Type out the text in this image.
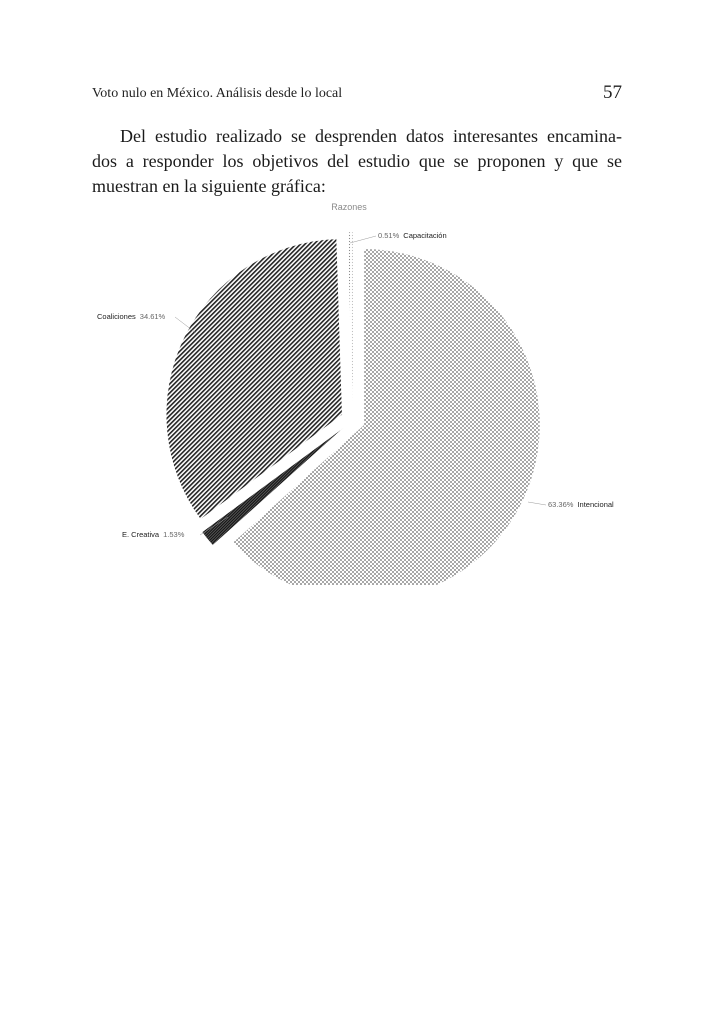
Voto nulo en México. Análisis desde lo local	57
Del estudio realizado se desprenden datos interesantes encamina-
dos a responder los objetivos del estudio que se proponen y que se
muestran en la siguiente gráfica:
Razones
63.36% Intencional
E. Creativa 1.53%
Coaliciones 34.61%
0.51% Capacitación
